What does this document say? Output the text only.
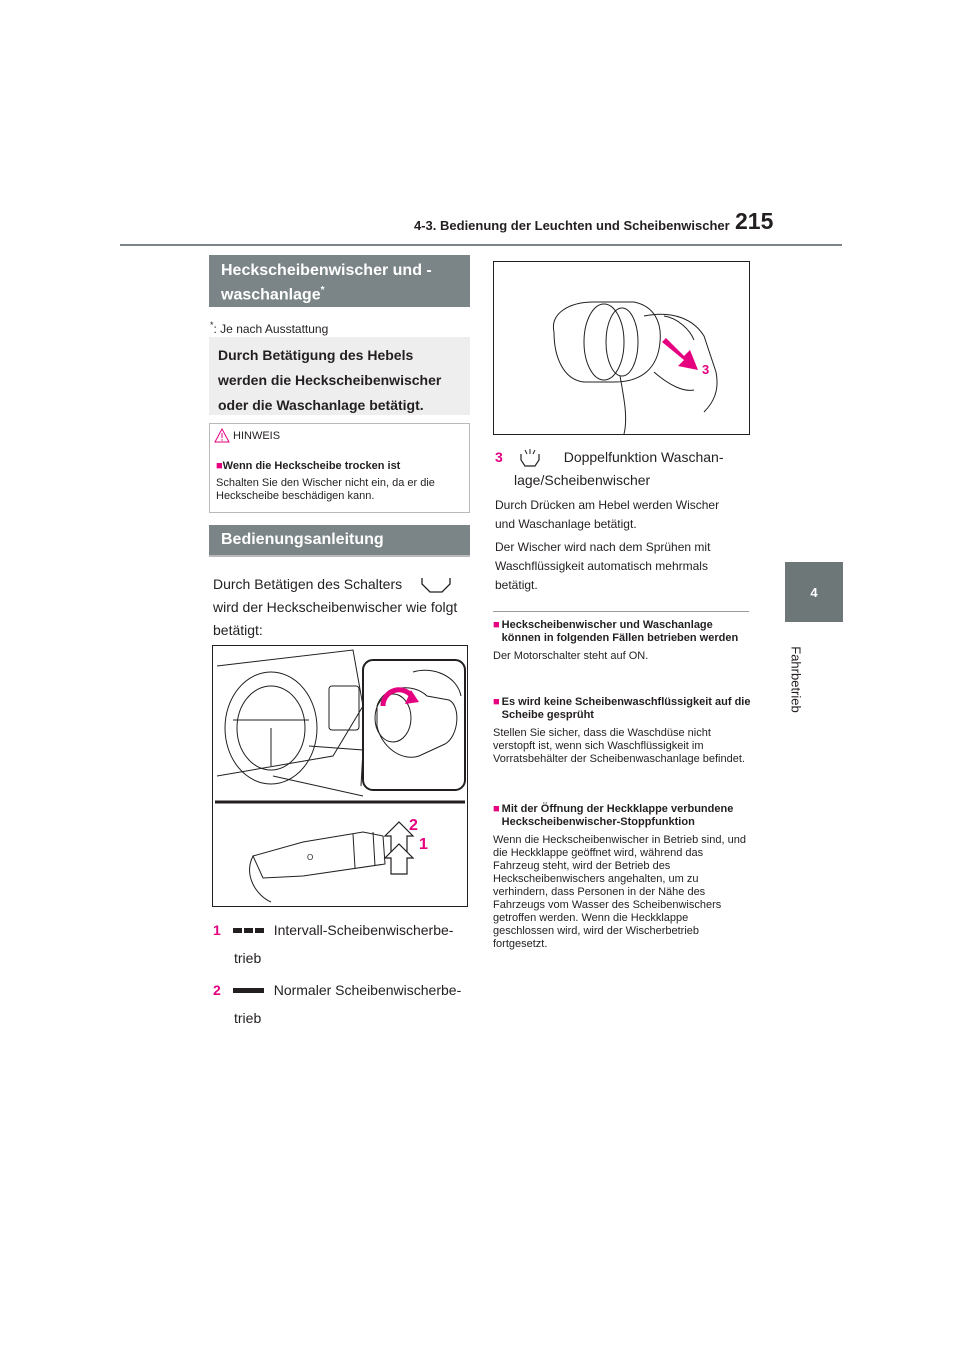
4-3. Bedienung der Leuchten und Scheibenwischer 215
4
Fahrbetrieb
Heckscheibenwischer und -waschanlage*
*: Je nach Ausstattung
Durch Betätigung des Hebels werden die Heckscheibenwischer oder die Waschanlage betätigt.
HINWEIS
■Wenn die Heckscheibe trocken ist
Schalten Sie den Wischer nicht ein, da er die Heckscheibe beschädigen kann.
Bedienungsanleitung
Durch Betätigen des Schalters
wird der Heckscheibenwischer wie folgt betätigt:
O
2
1
1	Intervall-Scheibenwischerbe-
trieb
2	Normaler Scheibenwischerbe-
trieb
3
3	Doppelfunktion Waschan-
lage/Scheibenwischer
Durch Drücken am Hebel werden Wischer
und Waschanlage betätigt.
Der Wischer wird nach dem Sprühen mit
Waschflüssigkeit automatisch mehrmals
betätigt.
■ Heckscheibenwischer und Waschanlage können in folgenden Fällen betrieben werden
Der Motorschalter steht auf ON.
■ Es wird keine Scheibenwaschflüssigkeit auf die Scheibe gesprüht
Stellen Sie sicher, dass die Waschdüse nicht verstopft ist, wenn sich Waschflüssigkeit im Vorratsbehälter der Scheibenwaschanlage befindet.
■ Mit der Öffnung der Heckklappe verbundene Heckscheibenwischer-Stoppfunktion
Wenn die Heckscheibenwischer in Betrieb sind, und die Heckklappe geöffnet wird, während das Fahrzeug steht, wird der Betrieb des Heckscheibenwischers angehalten, um zu verhindern, dass Personen in der Nähe des Fahrzeugs vom Wasser des Scheibenwischers getroffen werden. Wenn die Heckklappe geschlossen wird, wird der Wischerbetrieb fortgesetzt.
